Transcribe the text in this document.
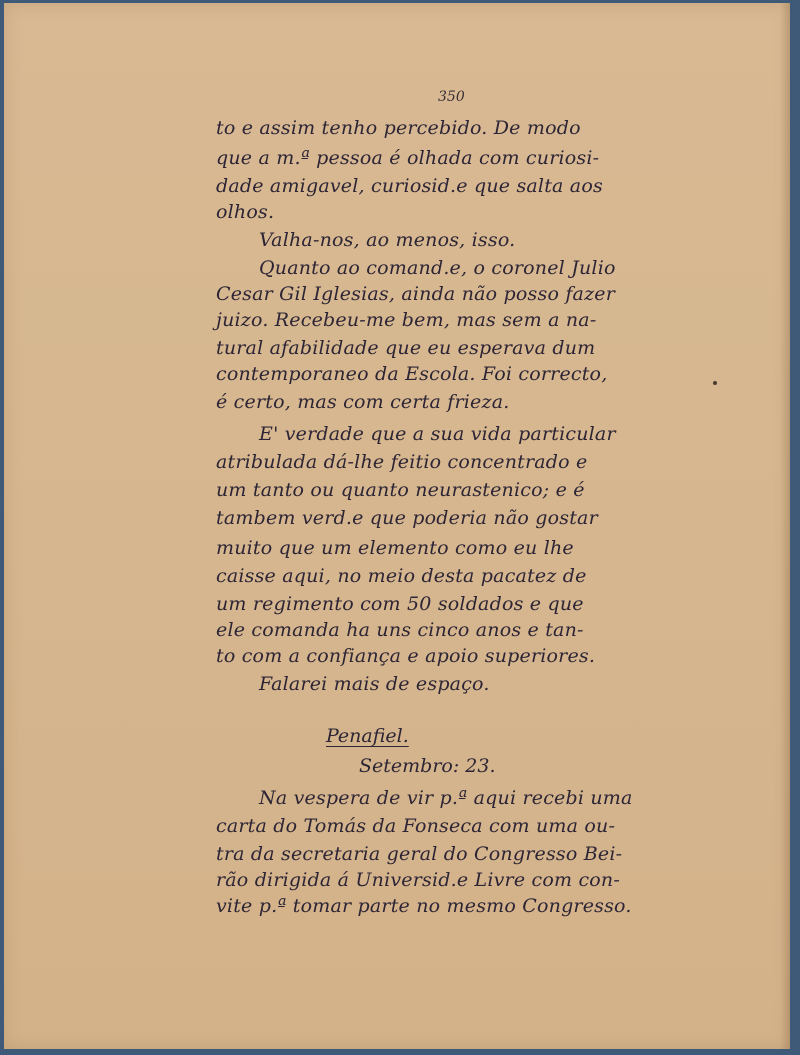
350
to e assim tenho percebido. De modo
que a m.ª pessoa é olhada com curiosi-
dade amigavel, curiosid.e que salta aos
olhos.
Valha-nos, ao menos, isso.
Quanto ao comand.e, o coronel Julio
Cesar Gil Iglesias, ainda não posso fazer
juizo. Recebeu-me bem, mas sem a na-
tural afabilidade que eu esperava dum
contemporaneo da Escola. Foi correcto,
é certo, mas com certa frieza.
E' verdade que a sua vida particular
atribulada dá-lhe feitio concentrado e
um tanto ou quanto neurastenico; e é
tambem verd.e que poderia não gostar
muito que um elemento como eu lhe
caisse aqui, no meio desta pacatez de
um regimento com 50 soldados e que
ele comanda ha uns cinco anos e tan-
to com a confiança e apoio superiores.
Falarei mais de espaço.
Penafiel.
Setembro: 23.
Na vespera de vir p.ª aqui recebi uma
carta do Tomás da Fonseca com uma ou-
tra da secretaria geral do Congresso Bei-
rão dirigida á Universid.e Livre com con-
vite p.ª tomar parte no mesmo Congresso.
